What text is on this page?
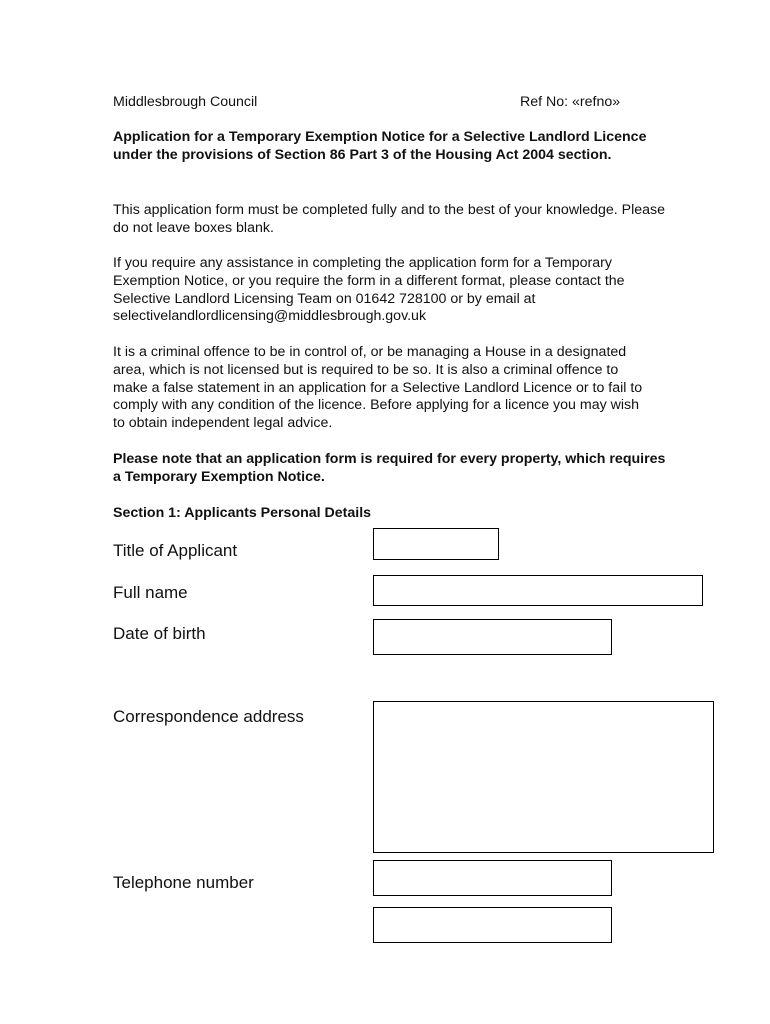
Middlesbrough Council	Ref No: «refno»

Application for a Temporary Exemption Notice for a Selective Landlord Licence under the provisions of Section 86 Part 3 of the Housing Act 2004 section.

This application form must be completed fully and to the best of your knowledge. Please do not leave boxes blank.

If you require any assistance in completing the application form for a Temporary Exemption Notice, or you require the form in a different format, please contact the Selective Landlord Licensing Team on 01642 728100 or by email at selectivelandlordlicensing@middlesbrough.gov.uk

It is a criminal offence to be in control of, or be managing a House in a designated area, which is not licensed but is required to be so. It is also a criminal offence to make a false statement in an application for a Selective Landlord Licence or to fail to comply with any condition of the licence. Before applying for a licence you may wish to obtain independent legal advice.

Please note that an application form is required for every property, which requires a Temporary Exemption Notice.

Section 1: Applicants Personal Details

Title of Applicant

Full name

Date of birth

Correspondence address

Telephone number
